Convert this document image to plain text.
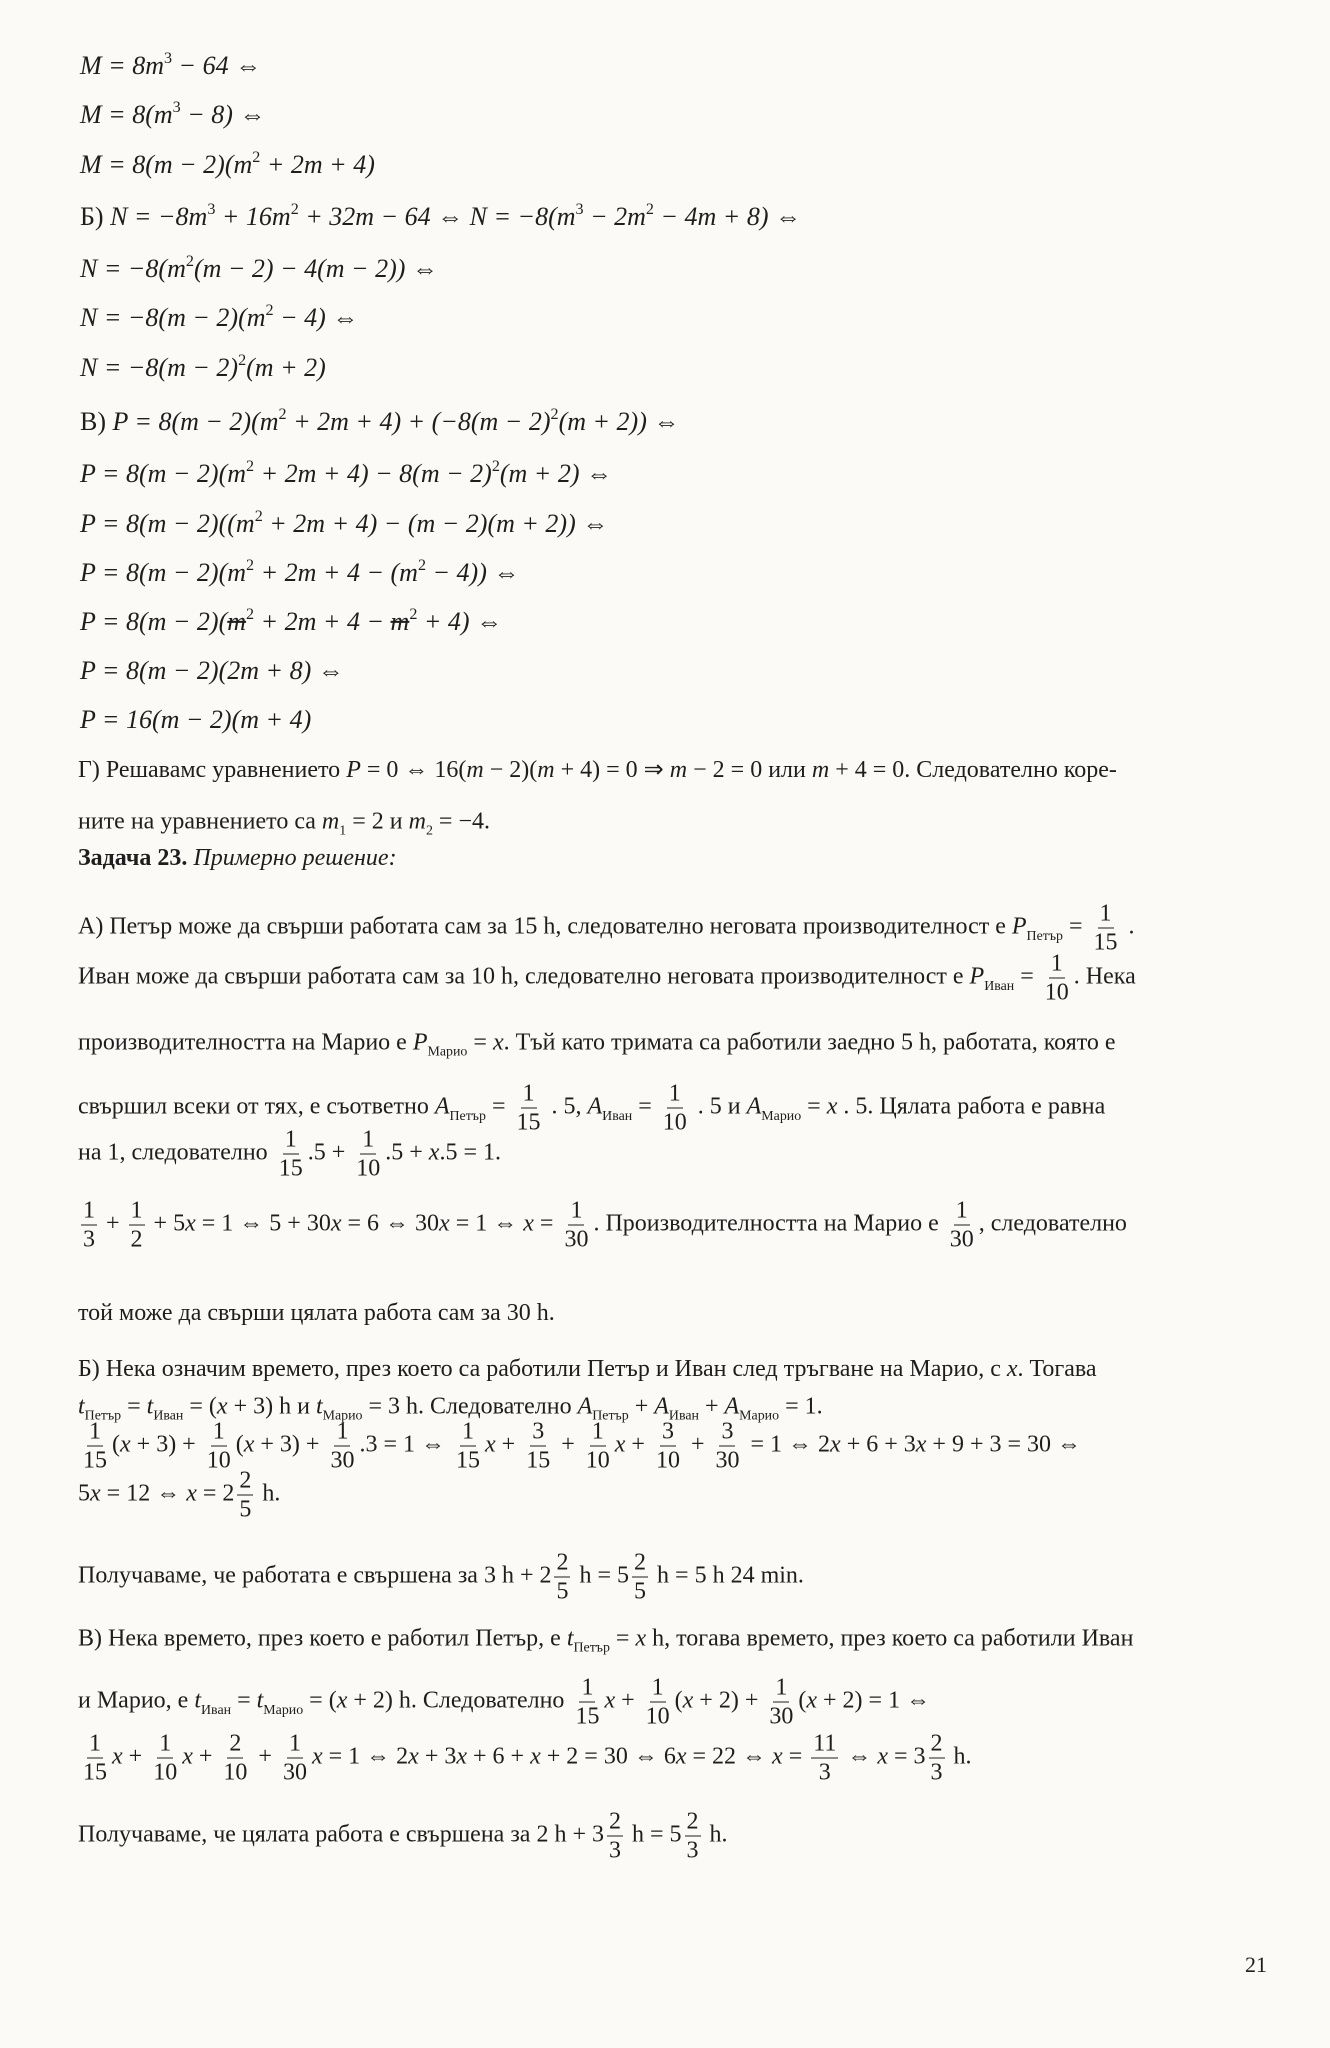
$M = 8m^3 - 64$ ⇔
$M = 8(m^3 - 8)$ ⇔
$M = 8(m - 2)(m^2 + 2m + 4)$
Б) $N = -8m^3 + 16m^2 + 32m - 64$ ⇔ $N = -8(m^3 - 2m^2 - 4m + 8)$ ⇔
$N = -8(m^2(m - 2) - 4(m - 2))$ ⇔
$N = -8(m - 2)(m^2 - 4)$ ⇔
$N = -8(m - 2)^2(m + 2)$
В) $P = 8(m - 2)(m^2 + 2m + 4) + (-8(m - 2)^2(m + 2))$ ⇔
$P = 8(m - 2)(m^2 + 2m + 4) - 8(m - 2)^2(m + 2)$ ⇔
$P = 8(m - 2)((m^2 + 2m + 4) - (m - 2)(m + 2))$ ⇔
$P = 8(m - 2)(m^2 + 2m + 4 - (m^2 - 4))$ ⇔
$P = 8(m - 2)(m^2 + 2m + 4 - m^2 + 4)$ ⇔
P = 8(m − 2)(2m + 8) ⇔
P = 16(m − 2)(m + 4)
Г) Решавамс уравнението P = 0 ⇔ 16(m − 2)(m + 4) = 0 ⇒ m − 2 = 0 или m + 4 = 0. Следователно коре-
ните на уравнението са $m_1 = 2$ и $m_2 = -4$.
Задача 23. Примерно решение:
А) Петър може да свърши работата сам за 15 h, следователно неговата производителност е $P_{Петър} = \frac{1}{15}$ .
Иван може да свърши работата сам за 10 h, следователно неговата производителност е $P_{Иван} = \frac{1}{10}$ . Нека
производителността на Марио е $P_{Марио} = x$. Тъй като тримата са работили заедно 5 h, работата, която е
свършил всеки от тях, е съответно $A_{Петър} = \frac{1}{15}$ . 5, $A_{Иван} = \frac{1}{10}$ . 5 и $A_{Марио} = x$ . 5. Цялата работа е равна
на 1, следователно $\frac{1}{15} .5 + \frac{1}{10} .5 + x.5 = 1$.
$\frac{1}{3} + \frac{1}{2} + 5x = 1$ ⇔ 5 + 30x = 6 ⇔ 30x = 1 ⇔ $x = \frac{1}{30}$ . Производителността на Марио е $\frac{1}{30}$ , следователно
той може да свърши цялата работа сам за 30 h.
Б) Нека означим времето, през което са работили Петър и Иван след тръгване на Марио, с x. Тогава
$t_{Петър} = t_{Иван} = (x + 3)$ h и $t_{Марио} = 3$ h. Следователно $A_{Петър} + A_{Иван} + A_{Марио} = 1$.
$\frac{1}{15} (x + 3) + \frac{1}{10} (x + 3) + \frac{1}{30} .3 = 1$ ⇔ $\frac{1}{15}$ $x + \frac{3}{15} + \frac{1}{10}$ $x + \frac{3}{10} + \frac{3}{30} = 1$ ⇔ 2x + 6 + 3x + 9 + 3 = 30 ⇔
5x = 12 ⇔ $x = 2 \frac{2}{5} h$.
Получаваме, че работата е свършена за 3 $h + 2 \frac{2}{5}$ $h = 5 \frac{2}{5}$ h = 5 h 24 min.
В) Нека времето, през което е работил Петър, е $t_{Петър} = x$ h, тогава времето, през което са работили Иван
и Марио, е $t_{Иван} = t_{Марио} = (x + 2)$ h. Следователно $\frac{1}{15}$ $x + \frac{1}{10} (x + 2) + \frac{1}{30} (x + 2) = 1$ ⇔
$\frac{1}{15}$ $x + \frac{1}{10}$ $x + \frac{2}{10} + \frac{1}{30}$ x = 1 ⇔ 2x + 3x + 6 + x + 2 = 30 ⇔ 6x = 22 ⇔ $x = \frac{11}{3}$ ⇔ $x = 3 \frac{2}{3} h$.
Получаваме, че цялата работа е свършена за 2 $h + 3 \frac{2}{3}$ $h = 5 \frac{2}{3} h$.
21
